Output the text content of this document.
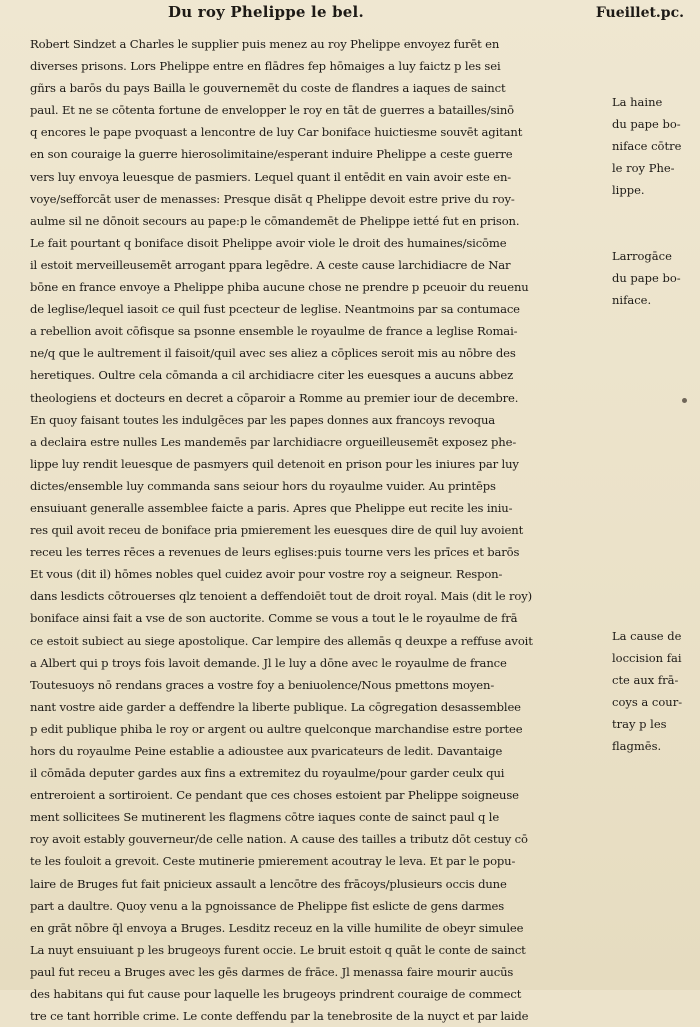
Du roy Phelippe le bel.	Fueillet.pc.
Robert Sindzet a Charles le supplier puis menez au roy Phelippe envoyez furēt en
diverses prisons. Lors Phelippe entre en flādres fep hōmaiges a luy faictz p les sei
gñrs a barōs du pays Bailla le gouvernemēt du coste de flandres a iaques de sainct
paul. Et ne se cōtenta fortune de envelopper le roy en tāt de guerres a batailles/sinō
q encores le pape pvoquast a lencontre de luy Car boniface huictiesme souvēt agitant
en son couraige la guerre hierosolimitaine/esperant induire Phelippe a ceste guerre
vers luy envoya leuesque de pasmiers. Lequel quant il entēdit en vain avoir este en-
voye/sefforcāt user de menasses: Presque disāt q Phelippe devoit estre prive du roy-
aulme sil ne dōnoit secours au pape:p le cōmandemēt de Phelippe ietté fut en prison.
Le fait pourtant q boniface disoit Phelippe avoir viole le droit des humaines/sicōme
il estoit merveilleusemēt arrogant ppara legēdre. A ceste cause larchidiacre de Nar
bōne en france envoye a Phelippe phiba aucune chose ne prendre p pceuoir du reuenu
de leglise/lequel iasoit ce quil fust pcecteur de leglise. Neantmoins par sa contumace
a rebellion avoit cōfisque sa psonne ensemble le royaulme de france a leglise Romai-
ne/q que le aultrement il faisoit/quil avec ses aliez a cōplices seroit mis au nōbre des
heretiques. Oultre cela cōmanda a cil archidiacre citer les euesques a aucuns abbez
theologiens et docteurs en decret a cōparoir a Romme au premier iour de decembre.
En quoy faisant toutes les indulgēces par les papes donnes aux francoys revoqua
a declaira estre nulles Les mandemēs par larchidiacre orgueilleusemēt exposez phe-
lippe luy rendit leuesque de pasmyers quil detenoit en prison pour les iniures par luy
dictes/ensemble luy commanda sans seiour hors du royaulme vuider. Au printēps
ensuiuant generalle assemblee faicte a paris. Apres que Phelippe eut recite les iniu-
res quil avoit receu de boniface pria pmierement les euesques dire de quil luy avoient
receu les terres rēces a revenues de leurs eglises:puis tourne vers les prīces et barōs
Et vous (dit il) hōmes nobles quel cuidez avoir pour vostre roy a seigneur. Respon-
dans lesdicts cōtrouerses qlz tenoient a deffendoiēt tout de droit royal. Mais (dit le roy)
boniface ainsi fait a vse de son auctorite. Comme se vous a tout le le royaulme de frā
ce estoit subiect au siege apostolique. Car lempire des allemās q deuxpe a reffuse avoit
a Albert qui p troys fois lavoit demande. Jl le luy a dōne avec le royaulme de france
Toutesuoys nō rendans graces a vostre foy a beniuolence/Nous pmettons moyen-
nant vostre aide garder a deffendre la liberte publique. La cōgregation desassemblee
p edit publique phiba le roy or argent ou aultre quelconque marchandise estre portee
hors du royaulme Peine establie a adioustee aux pvaricateurs de ledit. Davantaige
il cōmāda deputer gardes aux fins a extremitez du royaulme/pour garder ceulx qui
entreroient a sortiroient. Ce pendant que ces choses estoient par Phelippe soigneuse
ment sollicitees Se mutinerent les flagmens cōtre iaques conte de sainct paul q le
roy avoit estably gouverneur/de celle nation. A cause des tailles a tributz dōt cestuy cō
te les fouloit a grevoit. Ceste mutinerie pmierement acoutray le leva. Et par le popu-
laire de Bruges fut fait pnicieux assault a lencōtre des frācoys/plusieurs occis dune
part a daultre. Quoy venu a la pgnoissance de Phelippe fist eslicte de gens darmes
en grāt nōbre q̄l envoya a Bruges. Lesditz receuz en la ville humilite de obeyr simulee
La nuyt ensuiuant p les brugeoys furent occie. Le bruit estoit q quāt le conte de sainct
paul fut receu a Bruges avec les gēs darmes de frāce. Jl menassa faire mourir aucūs
des habitans qui fut cause pour laquelle les brugeoys prindrent couraige de commect
tre ce tant horrible crime. Le conte deffendu par la tenebrosite de la nuyct et par laide
La haine
du pape bo-
niface cōtre
le roy Phe-
lippe.
Larrogāce
du pape bo-
niface.
La cause de
loccision fai
cte aux frā-
coys a cour-
tray p les
flagmēs.
